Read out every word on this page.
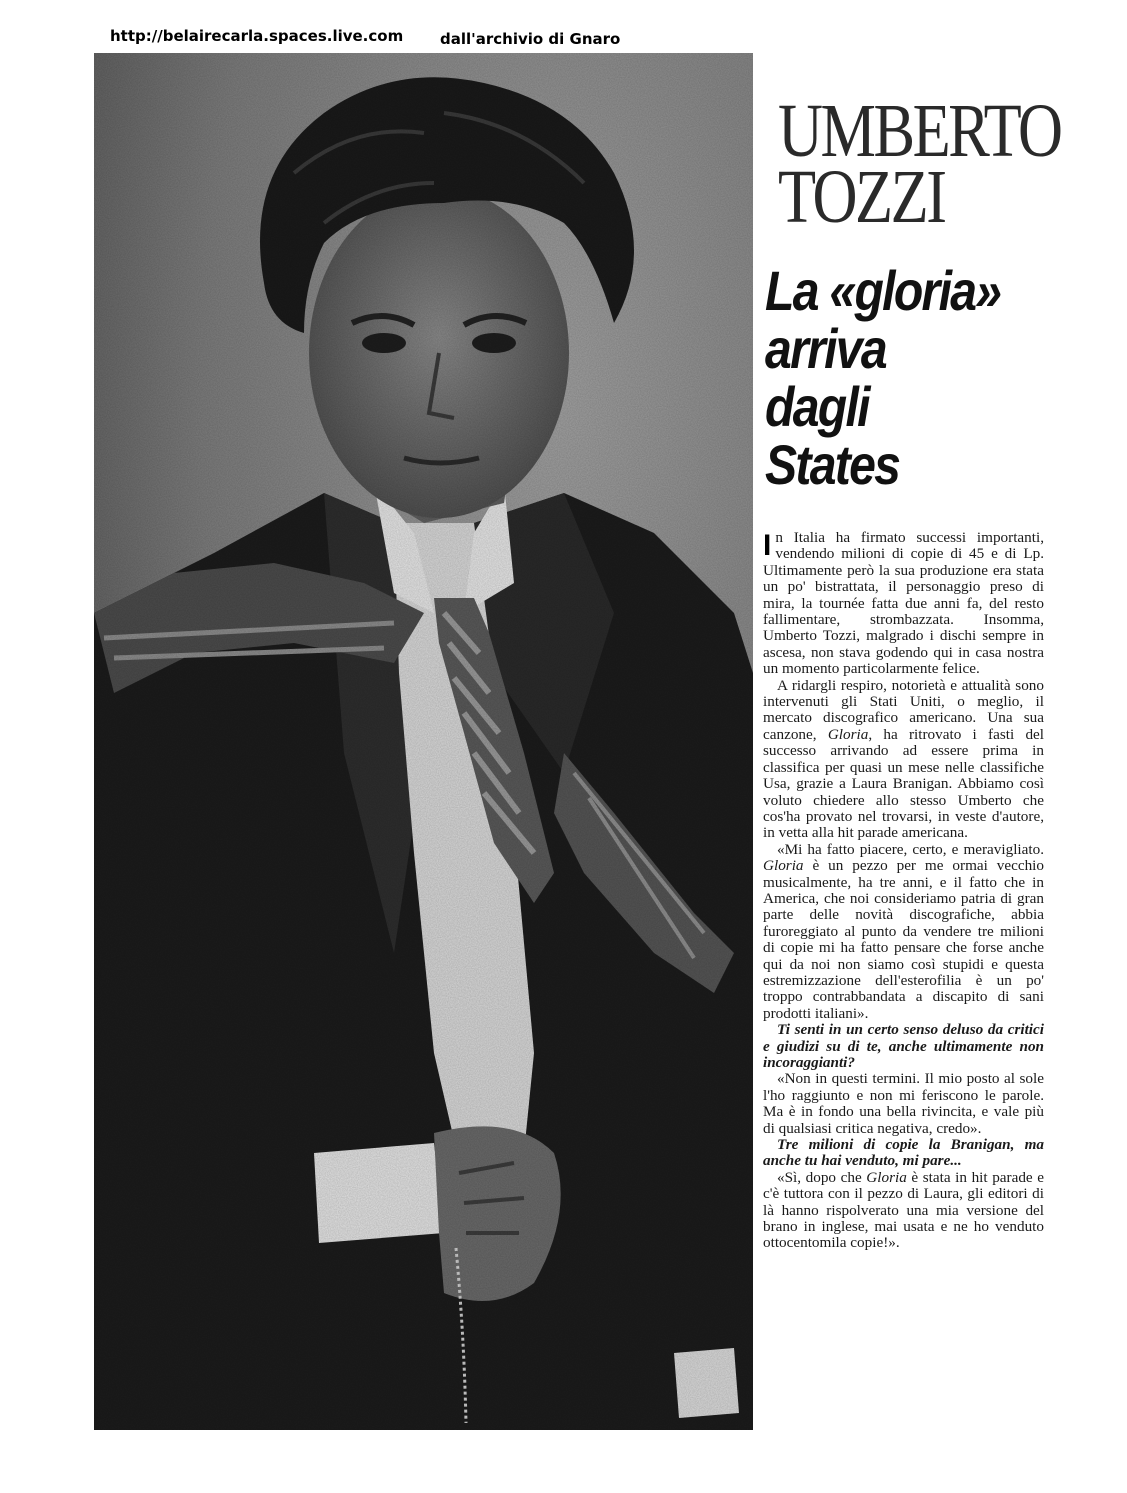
http://belairecarla.spaces.live.com dall'archivio di Gnaro
UMBERTO
TOZZI
La «gloria»
arriva
dagli
States

In Italia ha firmato successi importanti, vendendo milioni di copie di 45 e di Lp. Ultimamente però la sua produzione era stata un po' bistrattata, il personaggio preso di mira, la tournée fatta due anni fa, del resto fallimentare, strombazzata. Insomma, Umberto Tozzi, malgrado i dischi sempre in ascesa, non stava godendo qui in casa nostra un momento particolarmente felice.

A ridargli respiro, notorietà e attualità sono intervenuti gli Stati Uniti, o meglio, il mercato discografico americano. Una sua canzone, Gloria, ha ritrovato i fasti del successo arrivando ad essere prima in classifica per quasi un mese nelle classifiche Usa, grazie a Laura Branigan. Abbiamo così voluto chiedere allo stesso Umberto che cos'ha provato nel trovarsi, in veste d'autore, in vetta alla hit parade americana.

«Mi ha fatto piacere, certo, e meravigliato. Gloria è un pezzo per me ormai vecchio musicalmente, ha tre anni, e il fatto che in America, che noi consideriamo patria di gran parte delle novità discografiche, abbia furoreggiato al punto da vendere tre milioni di copie mi ha fatto pensare che forse anche qui da noi non siamo così stupidi e questa estremizzazione dell'esterofilia è un po' troppo contrabbandata a discapito di sani prodotti italiani».

Ti senti in un certo senso deluso da critici e giudizi su di te, anche ultimamente non incoraggianti?

«Non in questi termini. Il mio posto al sole l'ho raggiunto e non mi feriscono le parole. Ma è in fondo una bella rivincita, e vale più di qualsiasi critica negativa, credo».

Tre milioni di copie la Branigan, ma anche tu hai venduto, mi pare...

«Sì, dopo che Gloria è stata in hit parade e c'è tuttora con il pezzo di Laura, gli editori di là hanno rispolverato una mia versione del brano in inglese, mai usata e ne ho venduto ottocentomila copie!».
